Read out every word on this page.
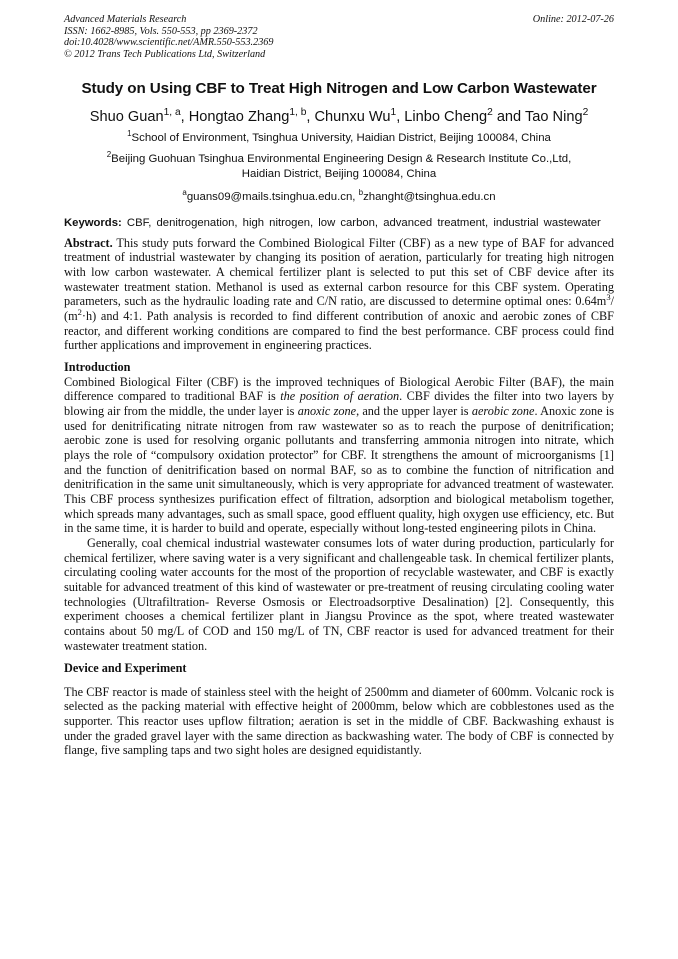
Advanced Materials Research
ISSN: 1662-8985, Vols. 550-553, pp 2369-2372
doi:10.4028/www.scientific.net/AMR.550-553.2369
© 2012 Trans Tech Publications Ltd, Switzerland
Online: 2012-07-26
Study on Using CBF to Treat High Nitrogen and Low Carbon Wastewater
Shuo Guan$^{1, a}$, Hongtao Zhang$^{1, b}$, Chunxu Wu$^1$, Linbo Cheng$^2$ and Tao Ning$^2$
$^1$School of Environment, Tsinghua University, Haidian District, Beijing 100084, China
$^2$Beijing Guohuan Tsinghua Environmental Engineering Design & Research Institute Co.,Ltd,
Haidian District, Beijing 100084, China
$^a$guans09@mails.tsinghua.edu.cn, $^b$zhanght@tsinghua.edu.cn
Keywords: CBF, denitrogenation, high nitrogen, low carbon, advanced treatment, industrial wastewater

Abstract. This study puts forward the Combined Biological Filter (CBF) as a new type of BAF for advanced treatment of industrial wastewater by changing its position of aeration, particularly for treating high nitrogen with low carbon wastewater. A chemical fertilizer plant is selected to put this set of CBF device after its wastewater treatment station. Methanol is used as external carbon resource for this CBF system. Operating parameters, such as the hydraulic loading rate and C/N ratio, are discussed to determine optimal ones: $0.64m^3/$ $(m^2\cdot h)$ and 4:1. Path analysis is recorded to find different contribution of anoxic and aerobic zones of CBF reactor, and different working conditions are compared to find the best performance. CBF process could find further applications and improvement in engineering practices.

Introduction

Combined Biological Filter (CBF) is the improved techniques of Biological Aerobic Filter (BAF), the main difference compared to traditional BAF is the position of aeration. CBF divides the filter into two layers by blowing air from the middle, the under layer is anoxic zone, and the upper layer is aerobic zone. Anoxic zone is used for denitrificating nitrate nitrogen from raw wastewater so as to reach the purpose of denitrification; aerobic zone is used for resolving organic pollutants and transferring ammonia nitrogen into nitrate, which plays the role of “compulsory oxidation protector” for CBF. It strengthens the amount of microorganisms [1] and the function of denitrification based on normal BAF, so as to combine the function of nitrification and denitrification in the same unit simultaneously, which is very appropriate for advanced treatment of wastewater. This CBF process synthesizes purification effect of filtration, adsorption and biological metabolism together, which spreads many advantages, such as small space, good effluent quality, high oxygen use efficiency, etc. But in the same time, it is harder to build and operate, especially without long-tested engineering pilots in China.

Generally, coal chemical industrial wastewater consumes lots of water during production, particularly for chemical fertilizer, where saving water is a very significant and challengeable task. In chemical fertilizer plants, circulating cooling water accounts for the most of the proportion of recyclable wastewater, and CBF is exactly suitable for advanced treatment of this kind of wastewater or pre-treatment of reusing circulating cooling water technologies (Ultrafiltration- Reverse Osmosis or Electroadsorptive Desalination) [2]. Consequently, this experiment chooses a chemical fertilizer plant in Jiangsu Province as the spot, where treated wastewater contains about 50 mg/L of COD and 150 mg/L of TN, CBF reactor is used for advanced treatment for their wastewater treatment station.

Device and Experiment

The CBF reactor is made of stainless steel with the height of 2500mm and diameter of 600mm. Volcanic rock is selected as the packing material with effective height of 2000mm, below which are cobblestones used as the supporter. This reactor uses upflow filtration; aeration is set in the middle of CBF. Backwashing exhaust is under the graded gravel layer with the same direction as backwashing water. The body of CBF is connected by flange, five sampling taps and two sight holes are designed equidistantly.
